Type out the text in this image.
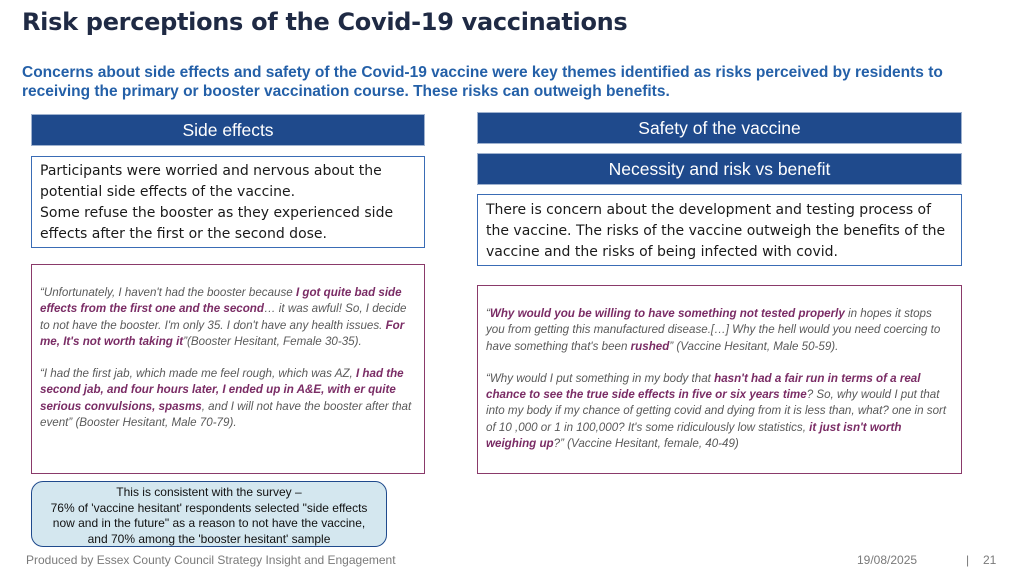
Risk perceptions of the Covid-19 vaccinations
Concerns about side effects and safety of the Covid-19 vaccine were key themes identified as risks perceived by residents to receiving the primary or booster vaccination course. These risks can outweigh benefits.
Side effects	Safety of the vaccine
Necessity and risk vs benefit
Participants were worried and nervous about the potential side effects of the vaccine.
Some refuse the booster as they experienced side effects after the first or the second dose.
There is concern about the development and testing process of the vaccine. The risks of the vaccine outweigh the benefits of the vaccine and the risks of being infected with covid.

“Unfortunately, I haven't had the booster because I got quite bad side effects from the first one and the second… it was awful! So, I decide to not have the booster. I'm only 35. I don't have any health issues. For me, It's not worth taking it”(Booster Hesitant, Female 30-35).

“I had the first jab, which made me feel rough, which was AZ, I had the second jab, and four hours later, I ended up in A&E, with er quite serious convulsions, spasms, and I will not have the booster after that event” (Booster Hesitant, Male 70-79).

“Why would you be willing to have something not tested properly in hopes it stops you from getting this manufactured disease.[…] Why the hell would you need coercing to have something that's been rushed” (Vaccine Hesitant, Male 50-59).

“Why would I put something in my body that hasn't had a fair run in terms of a real chance to see the true side effects in five or six years time? So, why would I put that into my body if my chance of getting covid and dying from it is less than, what? one in sort of 10 ,000 or 1 in 100,000? It's some ridiculously low statistics, it just isn't worth weighing up?” (Vaccine Hesitant, female, 40-49)

This is consistent with the survey –
76% of 'vaccine hesitant' respondents selected "side effects now and in the future" as a reason to not have the vaccine, and 70% among the 'booster hesitant' sample
Produced by Essex County Council Strategy Insight and Engagement	19/08/2025	| 21
